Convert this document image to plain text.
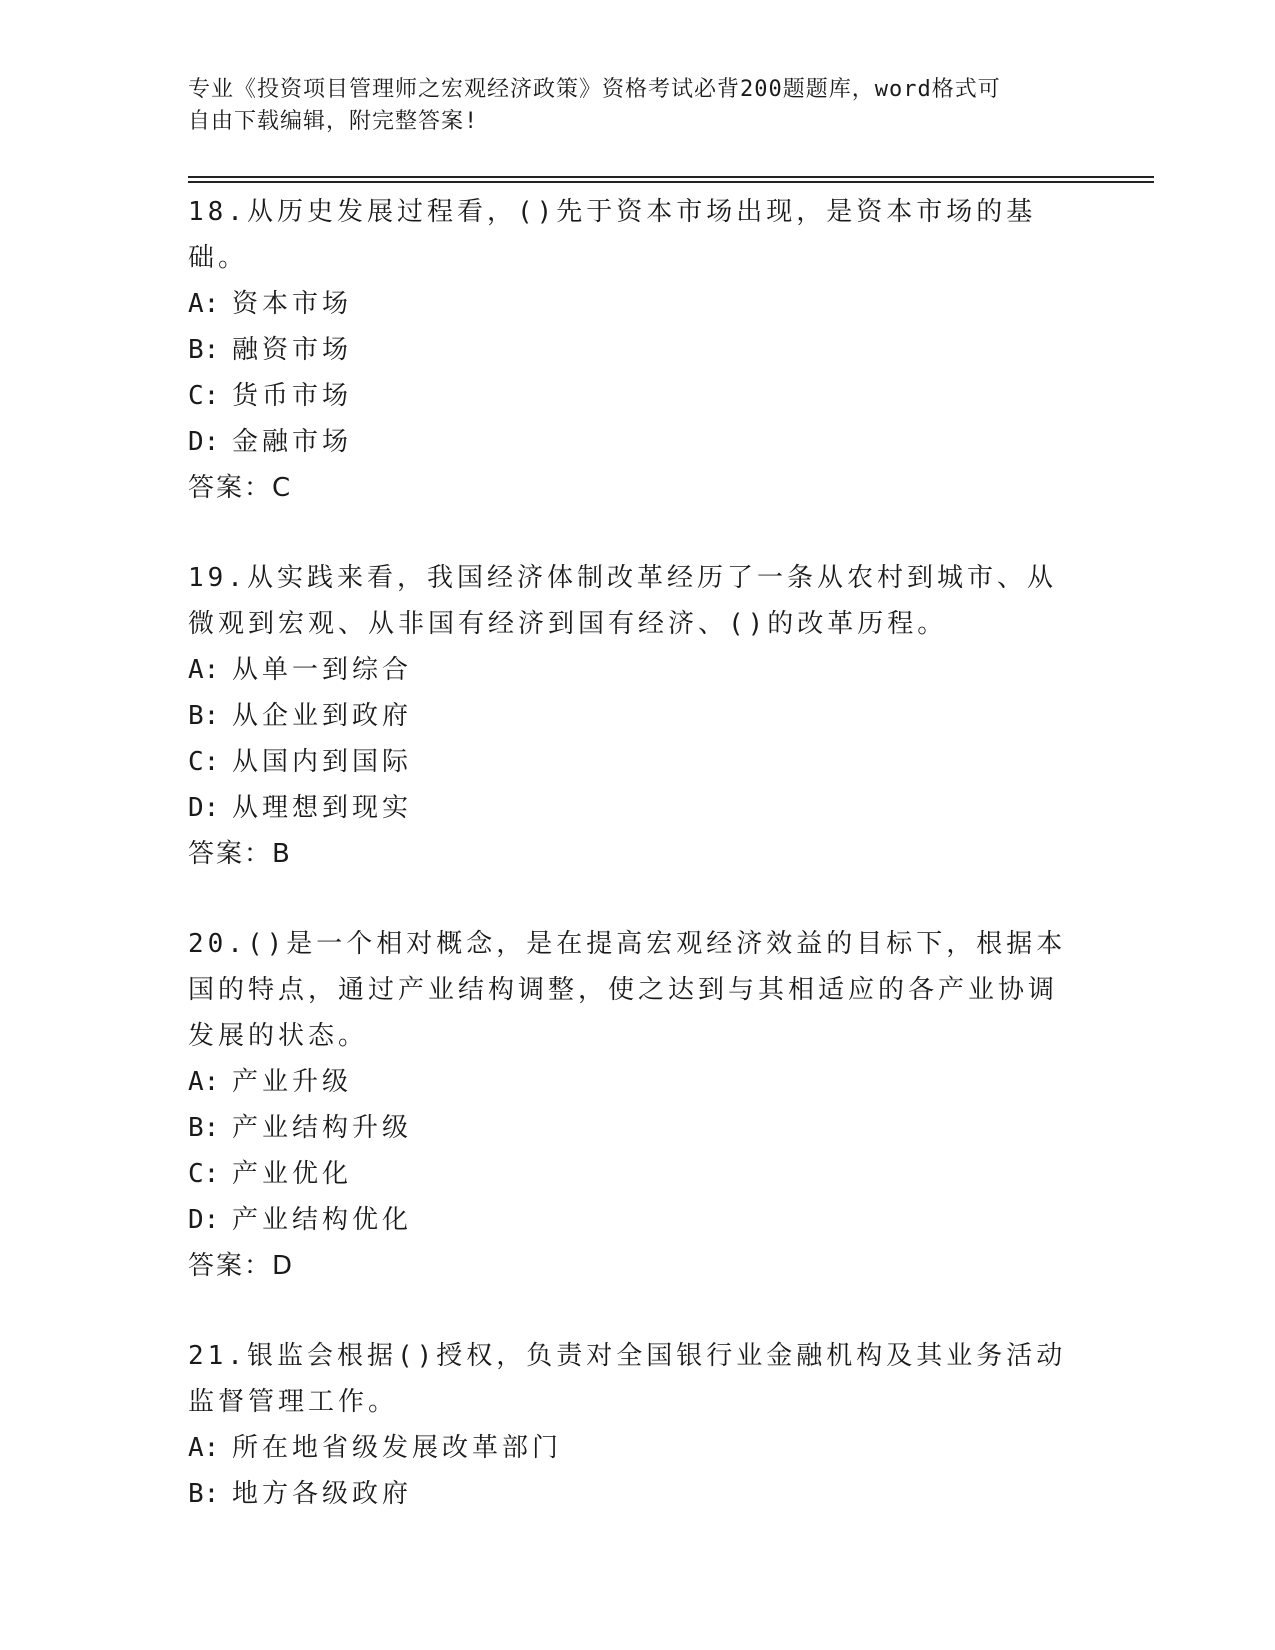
专业《投资项目管理师之宏观经济政策》资格考试必背200题题库，word格式可
自由下载编辑，附完整答案!

18.从历史发展过程看，()先于资本市场出现，是资本市场的基础。

A: 资本市场
B: 融资市场
C: 货币市场
D: 金融市场

答案：C

19.从实践来看，我国经济体制改革经历了一条从农村到城市、从微观到宏观、从非国有经济到国有经济、()的改革历程。

A: 从单一到综合
B: 从企业到政府
C: 从国内到国际
D: 从理想到现实

答案：B

20.()是一个相对概念，是在提高宏观经济效益的目标下，根据本国的特点，通过产业结构调整，使之达到与其相适应的各产业协调发展的状态。

A: 产业升级
B: 产业结构升级
C: 产业优化
D: 产业结构优化

答案：D

21.银监会根据()授权，负责对全国银行业金融机构及其业务活动监督管理工作。

A: 所在地省级发展改革部门
B: 地方各级政府
